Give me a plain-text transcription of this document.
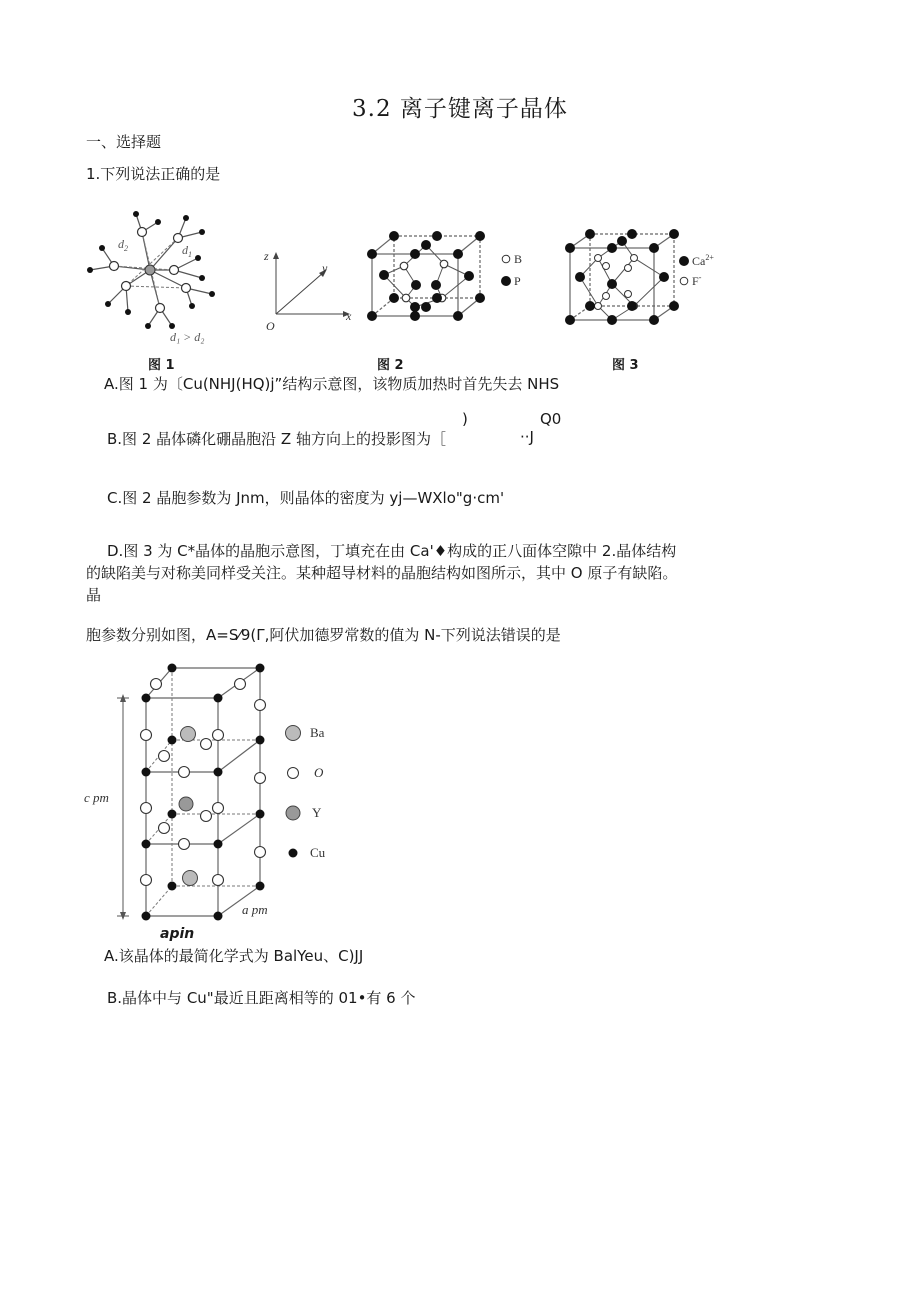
3.2 离子键离子晶体
一、选择题
1.下列说法正确的是
$d_2$	$d_1$
d₁ > d₂
z
y
x
O
B
P
$Ca^{2+}$
F-
图 1	图 2	图 3
A.图 1 为〔Cu(NHJ(HQ)j”结构示意图，该物质加热时首先失去 NHS
)	Q0
B.图 2 晶体磷化硼晶胞沿 Z 轴方向上的投影图为［	··J
C.图 2 晶胞参数为 Jnm，则晶体的密度为 yj—WXlo"g·cm'
D.图 3 为 C*晶体的晶胞示意图，丁填充在由 Ca'♦构成的正八面体空隙中 2.晶体结构的缺陷美与对称美同样受关注。某种超导材料的晶胞结构如图所示，其中 O 原子有缺陷。晶
胞参数分别如图，A=S⁄9(Γ,阿伏加德罗常数的值为 N-下列说法错误的是
c pm
a pm
Ba
O
Y
Cu
apin
A.该晶体的最简化学式为 BalYeu、C)JJ
B.晶体中与 Cu"最近且距离相等的 01•有 6 个
